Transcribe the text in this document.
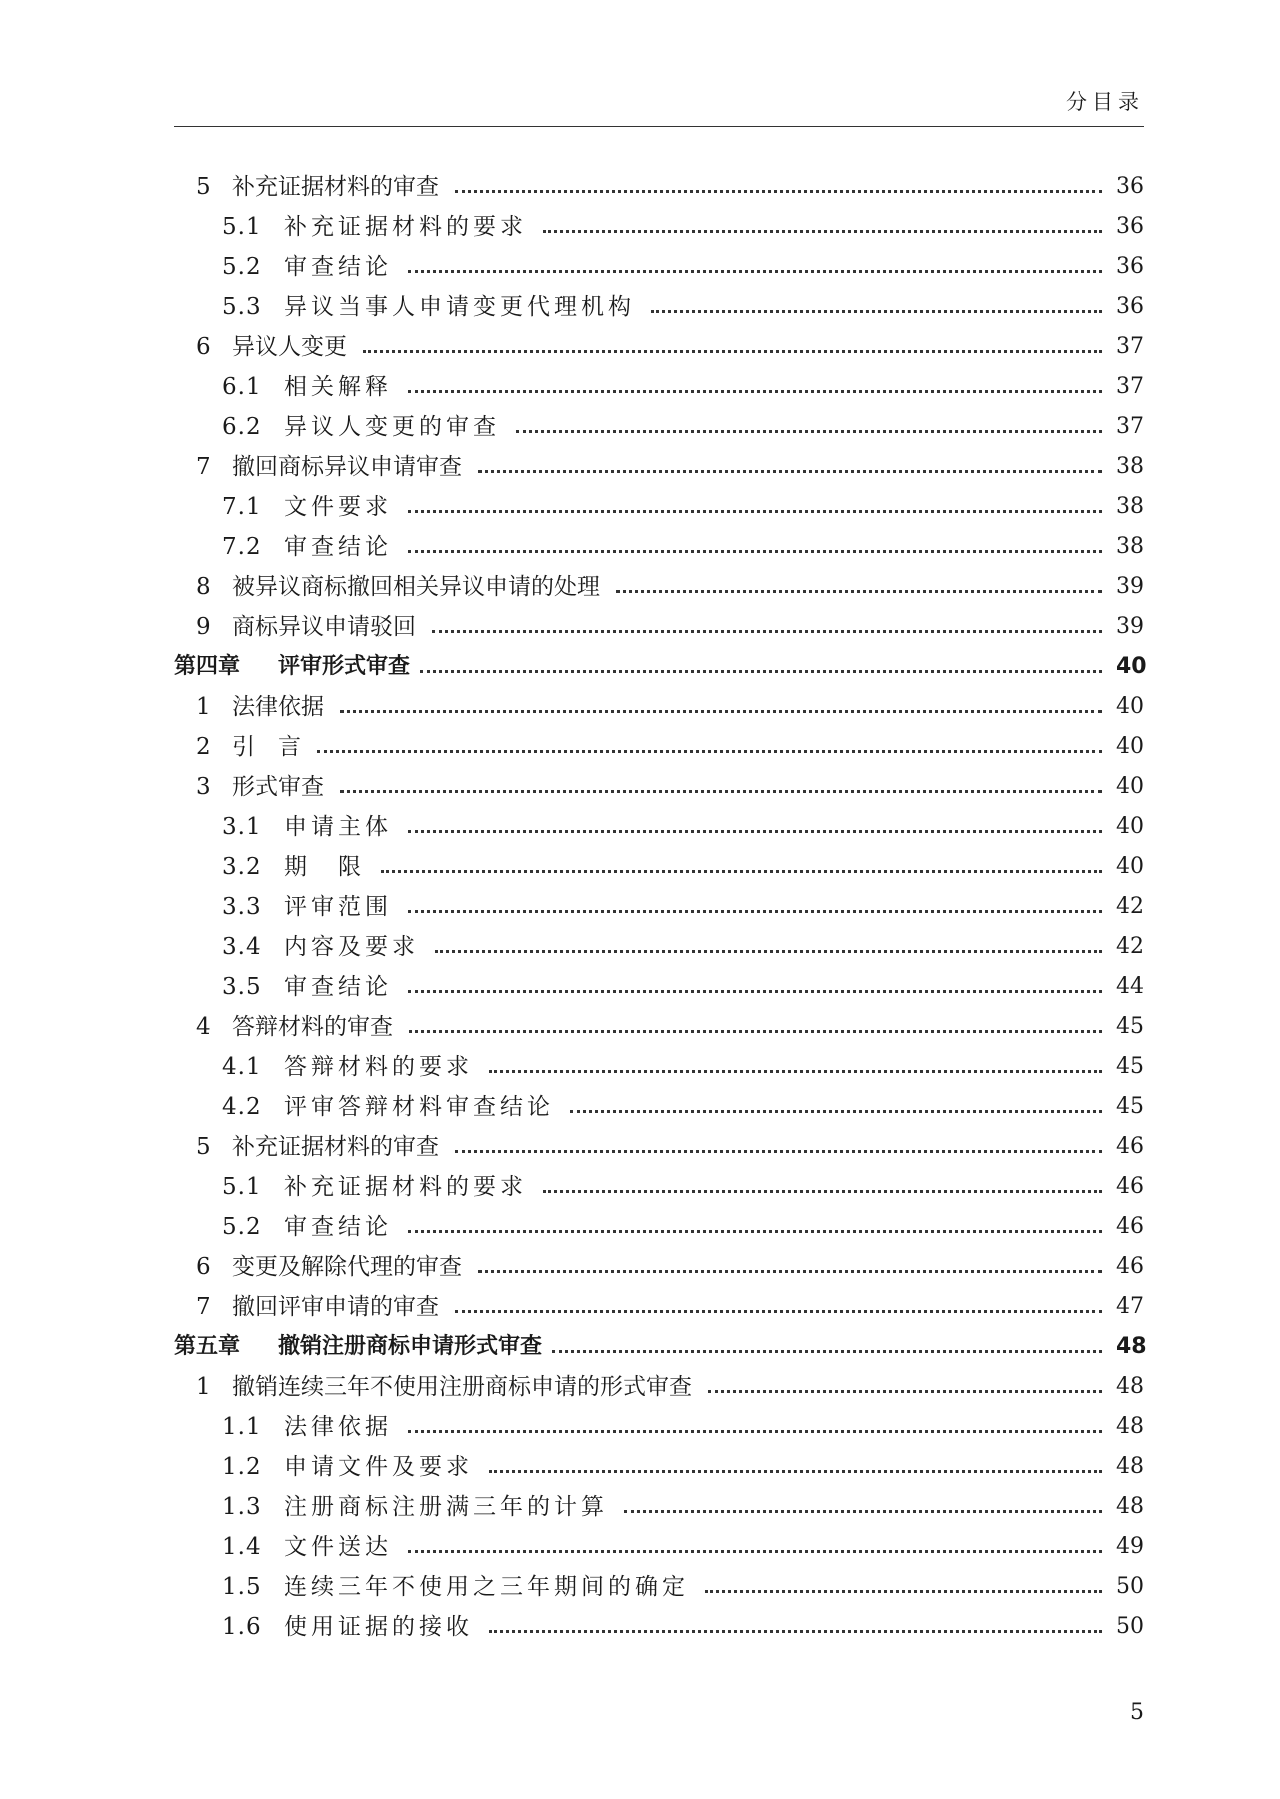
分目录
5 补充证据材料的审查	36
5.1 补充证据材料的要求	36
5.2 审查结论	36
5.3 异议当事人申请变更代理机构	36
6 异议人变更	37
6.1 相关解释	37
6.2 异议人变更的审查	37
7 撤回商标异议申请审查	38
7.1 文件要求	38
7.2 审查结论	38
8 被异议商标撤回相关异议申请的处理	39
9 商标异议申请驳回	39
第四章	评审形式审查	40
1 法律依据	40
2 引　言	40
3 形式审查	40
3.1 申请主体	40
3.2 期　限	40
3.3 评审范围	42
3.4 内容及要求	42
3.5 审查结论	44
4 答辩材料的审查	45
4.1 答辩材料的要求	45
4.2 评审答辩材料审查结论	45
5 补充证据材料的审查	46
5.1 补充证据材料的要求	46
5.2 审查结论	46
6 变更及解除代理的审查	46
7 撤回评审申请的审查	47
第五章	撤销注册商标申请形式审查	48
1 撤销连续三年不使用注册商标申请的形式审查	48
1.1 法律依据	48
1.2 申请文件及要求	48
1.3 注册商标注册满三年的计算	48
1.4 文件送达	49
1.5 连续三年不使用之三年期间的确定	50
1.6 使用证据的接收	50
5
